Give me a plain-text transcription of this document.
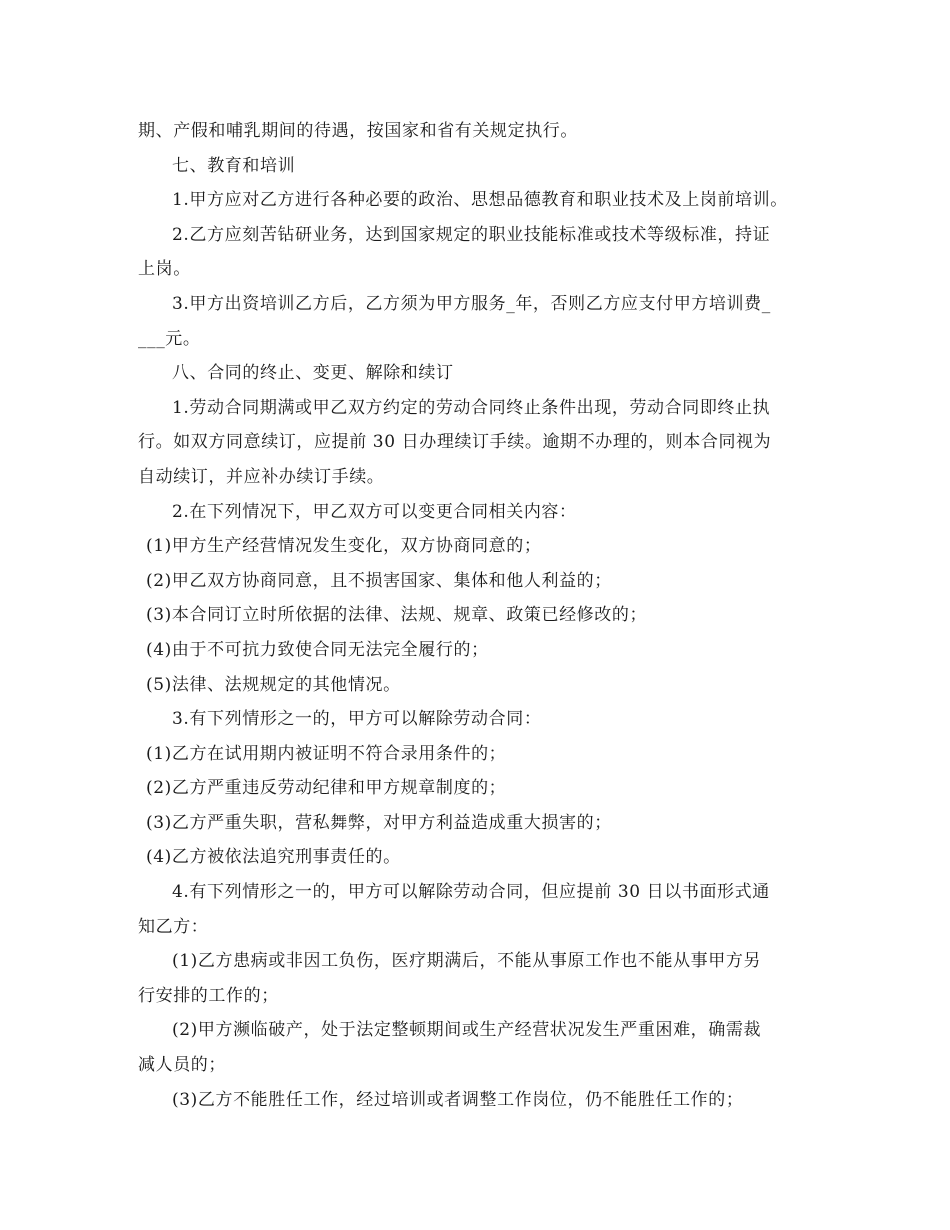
期、产假和哺乳期间的待遇，按国家和省有关规定执行。
七、教育和培训
1.甲方应对乙方进行各种必要的政治、思想品德教育和职业技术及上岗前培训。
2.乙方应刻苦钻研业务，达到国家规定的职业技能标准或技术等级标准，持证
上岗。
3.甲方出资培训乙方后，乙方须为甲方服务_年，否则乙方应支付甲方培训费_
___元。
八、合同的终止、变更、解除和续订
1.劳动合同期满或甲乙双方约定的劳动合同终止条件出现，劳动合同即终止执
行。如双方同意续订，应提前 30 日办理续订手续。逾期不办理的，则本合同视为
自动续订，并应补办续订手续。
2.在下列情况下，甲乙双方可以变更合同相关内容：
(1)甲方生产经营情况发生变化，双方协商同意的；
(2)甲乙双方协商同意，且不损害国家、集体和他人利益的；
(3)本合同订立时所依据的法律、法规、规章、政策已经修改的；
(4)由于不可抗力致使合同无法完全履行的；
(5)法律、法规规定的其他情况。
3.有下列情形之一的，甲方可以解除劳动合同：
(1)乙方在试用期内被证明不符合录用条件的；
(2)乙方严重违反劳动纪律和甲方规章制度的；
(3)乙方严重失职，营私舞弊，对甲方利益造成重大损害的；
(4)乙方被依法追究刑事责任的。
4.有下列情形之一的，甲方可以解除劳动合同，但应提前 30 日以书面形式通
知乙方：
(1)乙方患病或非因工负伤，医疗期满后，不能从事原工作也不能从事甲方另
行安排的工作的；
(2)甲方濒临破产，处于法定整顿期间或生产经营状况发生严重困难，确需裁
减人员的；
(3)乙方不能胜任工作，经过培训或者调整工作岗位，仍不能胜任工作的；
